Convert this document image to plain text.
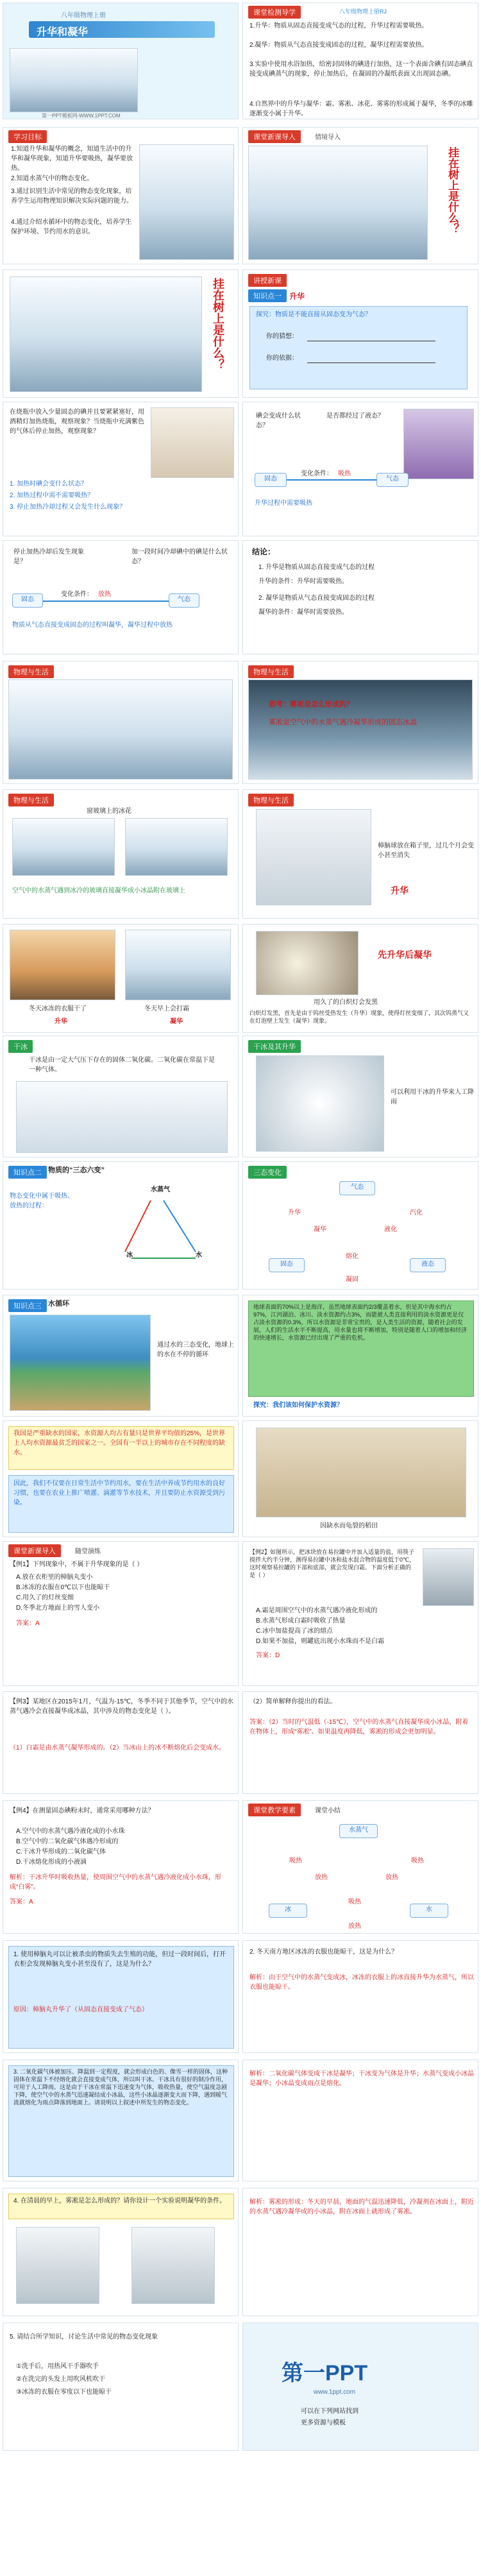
八年级物理上册
升华和凝华
第一PPT模板网-WWW.1PPT.COM
课堂检测导学	八年级物理上册RJ
1.升华：物质从固态直接变成气态的过程，升华过程需要吸热。
2.凝华：物质从气态直接变成固态的过程，凝华过程需要放热。
3.实验中使用水浴加热，给密封固体的碘进行加热，这一个表面含碘有固态碘直接变成碘蒸气的现象，停止加热后，在凝固的冷凝纸表面又出现固态碘。
4.自然界中的升华与凝华：霜、雾凇、冰花、雾雾的形成属于凝华，冬季的冰雕逐渐变小属于升华。
学习目标
1.知道升华和凝华的概念，知道生活中的升华和凝华现象，知道升华要吸热，凝华要放热。
2.知道水蒸气中的物态变化。
3.通过识别生活中常见的物态变化现象，培养学生运用物理知识解决实际问题的能力。
4.通过介绍水循环中的物态变化，培养学生保护环境、节约用水的意识。
课堂新课导入	情境导入
挂在树上是什么？
挂在树上是什么？	讲授新课
知识点一	升华
探究：物质是不能直接从固态变为气态？
你的猜想：
你的依据：
在烧瓶中放入少量固态的碘并且要紧紧塞好，用酒精灯加热烧瓶，观察现象？当烧瓶中充满紫色的气体后停止加热，观察现象？
1. 加热时碘会变什么状态？
2. 加热过程中需不需要吸热？
3. 停止加热冷却过程又会发生什么现象？
碘会变成什么状态？
是否都经过了液态？
固态
变化条件： 吸热
气态
升华过程中需要吸热
停止加热冷却后发生现象是？
加一段时间冷却碘中的碘是什么状态？
固态
变化条件： 放热
气态
物质从气态直接变成固态的过程叫凝华，凝华过程中放热
结论：
1. 升华是物质从固态直接变成气态的过程
升华的条件：升华时需要吸热。
2. 凝华是物质从气态直接变成固态的过程
凝华的条件：凝华时需要放热。
物理与生活	物理与生活
思考：雾凇是怎么形成的？
雾凇是空气中的水蒸气遇冷凝华形成的固态冰晶
物理与生活
窗玻璃上的冰花
空气中的水蒸气遇到冰冷的玻璃直接凝华成小冰晶附在玻璃上
物理与生活
樟脑球放在箱子里，过几个月会变小甚至消失
升华
冬天冰冻的衣服干了	冬天早上会打霜
升华	凝华
先升华后凝华
用久了的白炽灯会发黑
白炽灯发黑，首先是由于钨丝受热发生（升华）现象，使得灯丝变细了，其次钨蒸气又在灯泡壁上发生（凝华）现象。
干冰
干冰是由一定大气压下存在的固体二氧化碳。二氧化碳在常温下是一种气体。
干冰及其升华
可以利用干冰的升华来人工降雨
知识点二 物质的“三态六变”
物态变化中属于吸热、放热的过程：
水蒸气
冰	水
三态变化
气态
固态	液态
升华
凝华
熔化
凝固
汽化
液化
知识点三 水循环
通过水的三态变化，地球上的水在不停的循环
地球表面的70%以上是海洋，虽然地球表面约2/3覆盖着水，但是其中海水约占97%，江河湖泊、冰川、淡水资源约占3%，而能被人类直接利用的淡水资源更是仅占淡水资源的0.3%，所以水资源是非常宝贵的，是人类生活的资源，随着社会的发展，人们的生活水平不断提高，用水量也将不断增加，特别是随着人口的增加和经济的快速增长，水资源已经出现了严重的危机。
探究：我们该如何保护水资源？
我国是严重缺水的国家，水资源人均占有量只是世界平均值的25%，是世界上人均水资源最贫乏的国家之一。全国有一半以上的城市存在不同程度的缺水。
因此，我们不仅要在日常生活中节约用水，要在生活中养成节约用水的良好习惯，也要在农业上推广喷灌、滴灌等节水技术，并且要防止水资源受到污染。
因缺水而龟裂的稻田
课堂新课导入	随堂演练
【例1】下列现象中，不属于升华现象的是（ ）
A.放在衣柜里的樟脑丸变小
B.冰冻的衣服在0℃以下也能晾干
C.用久了的灯丝变细
D.冬季北方地面上的雪人变小
答案：A
【例2】如图所示，把冰块放在易拉罐中并加入适量的盐，用筷子搅拌大约半分钟，测得易拉罐中冰和盐水混合物的温度低于0℃，这时观察易拉罐的下部和底部，就会发现白霜。下面分析正确的是（ ）
A.霜是周围空气中的水蒸气遇冷液化形成的
B.水蒸气形成白霜时吸收了热量
C.冰中加盐提高了冰的熔点
D.如果不加盐，则罐底出现小水珠而不是白霜
答案：D
【例3】某地区在2015年1月，气温为-15℃，冬季不同于其他季节，空气中的水蒸气遇冷会直接凝华成冰晶，其中涉及的物态变化是（ ）。
（1）白霜是由水蒸气凝华形成的。（2）当冰山上的冰不断熔化后会变成水。
（2）简单解释你提出的看法。
答案：（2）当时的气温低（-15℃），空气中的水蒸气直接凝华成小冰晶，附着在物体上，形成“雾凇”。如果温度再降低，雾凇的形成会更加明显。
【例4】在测量固态碘粉末时，通常采用哪种方法？
A.空气中的水蒸气遇冷液化成的小水珠
B.空气中的二氧化碳气体遇冷形成的
C.干冰升华形成的二氧化碳气体
D.干冰熔化形成的小液滴
解析：干冰升华时吸收热量，使周围空气中的水蒸气遇冷液化成小水珠，形成“白雾”。
答案：A
课堂教学要素	课堂小结
水蒸气
冰	水
吸热
放热
吸热
放热
吸热
放热
1. 使用樟脑丸可以让被杀虫的物质失去生殖的功能，但过一段时间后，打开衣柜会发现樟脑丸变小甚至没有了，这是为什么？
原因：樟脑丸升华了（从固态直接变成了气态）
2. 冬天南方地区冰冻的衣服也能晾干，这是为什么？
解析：由于空气中的水蒸气变成冰，冰冻的衣服上的冰直接升华为水蒸气，所以衣服也能晾干。
3. 二氧化碳气体被加压、降温到一定程度，就会形成白色的、像雪一样的固体，这种固体在常温下不经熔化就会直接变成气体，所以叫干冰。干冰具有很好的制冷作用，可用于人工降雨。这是由于干冰在常温下迅速变为气体，吸收热量，使空气温度急剧下降，使空气中的水蒸气迅速凝结成小冰晶，这些小冰晶逐渐变大而下降，遇到暖气流就熔化为雨点降落到地面上。请说明以上叙述中所发生的物态变化。
解析：二氧化碳气体变成干冰是凝华；干冰变为气体是升华；水蒸气变成小冰晶是凝华；小冰晶变成雨点是熔化。
4. 在清晨的早上，雾凇是怎么形成的？请你设计一个实验说明凝华的条件。	解析：雾凇的形成：冬天的早晨，地面的气温迅速降低，冷凝剂在冰面上，附近的水蒸气遇冷凝华成的小冰晶，附在冰面上就形成了雾凇。
5. 请结合所学知识，讨论生活中常见的物态变化现象
①洗手后，用热风干手器吹手
②在洗完的头发上用吹风机吹干
③冰冻的衣服在零度以下也能晾干
第一PPT
www.1ppt.com
可以在下列网站找到
更多资源与模板
